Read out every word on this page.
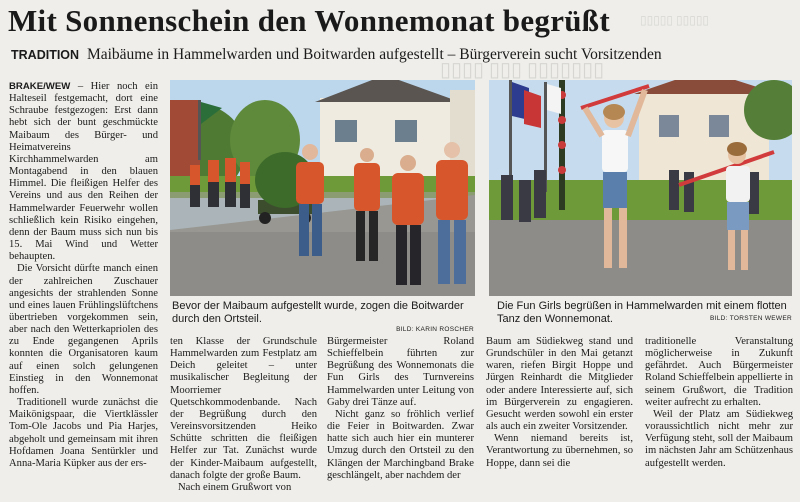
▯▯▯▯ ▯▯▯ ▯▯▯▯▯▯▯
▯▯▯▯▯ ▯▯▯▯▯
Mit Sonnenschein den Wonnemonat begrüßt
TRADITION Maibäume in Hammelwarden und Boitwarden aufgestellt – Bürgerverein sucht Vorsitzenden

BRAKE/WEW – Hier noch ein Halteseil festgemacht, dort eine Schraube festgezogen: Erst dann hebt sich der bunt geschmückte Maibaum des Bürger- und Heimatvereins Kirchhammelwarden am Montagabend in den blauen Himmel. Die fleißigen Helfer des Vereins und aus den Reihen der Hammelwarder Feuerwehr wollen schließlich kein Risiko eingehen, denn der Baum muss sich nun bis 15. Mai Wind und Wetter behaupten.

Die Vorsicht dürfte manch einen der zahlreichen Zuschauer angesichts der strahlenden Sonne und eines lauen Frühlingslüftchens übertrieben vorgekommen sein, aber nach den Wetterkapriolen des zu Ende gegangenen Aprils konnten die Organisatoren kaum auf einen solch gelungenen Einstieg in den Wonnemonat hoffen.

Traditionell wurde zunächst die Maikönigspaar, die Viertklässler Tom-Ole Jacobs und Pia Harjes, abgeholt und gemeinsam mit ihren Hofdamen Joana Sentürkler und Anna-Maria Küpker aus der ers-

Bevor der Maibaum aufgestellt wurde, zogen die Boitwarder durch den Ortsteil.
BILD: KARIN ROSCHER
Die Fun Girls begrüßen in Hammelwarden mit einem flotten Tanz den Wonnemonat.	BILD: TORSTEN WEWER

ten Klasse der Grundschule Hammelwarden zum Festplatz am Deich geleitet – unter musikalischer Begleitung der Moorriemer Quetschkommodenbande. Nach der Begrüßung durch den Vereinsvorsitzenden Heiko Schütte schritten die fleißigen Helfer zur Tat. Zunächst wurde der Kinder-Maibaum aufgestellt, danach folgte der große Baum.

Nach einem Grußwort von

Bürgermeister Roland Schieffelbein führten zur Begrüßung des Wonnemonats die Fun Girls des Turnvereins Hammelwarden unter Leitung von Gaby drei Tänze auf.

Nicht ganz so fröhlich verlief die Feier in Boitwarden. Zwar hatte sich auch hier ein munterer Umzug durch den Ortsteil zu den Klängen der Marchingband Brake geschlängelt, aber nachdem der

Baum am Südiekweg stand und Grundschüler in den Mai getanzt waren, riefen Birgit Hoppe und Jürgen Reinhardt die Mitglieder oder andere Interessierte auf, sich im Bürgerverein zu engagieren. Gesucht werden sowohl ein erster als auch ein zweiter Vorsitzender.

Wenn niemand bereits ist, Verantwortung zu übernehmen, so Hoppe, dann sei die

traditionelle Veranstaltung möglicherweise in Zukunft gefährdet. Auch Bürgermeister Roland Schieffelbein appellierte in seinem Grußwort, die Tradition weiter aufrecht zu erhalten.

Weil der Platz am Südiekweg voraussichtlich nicht mehr zur Verfügung steht, soll der Maibaum im nächsten Jahr am Schützenhaus aufgestellt werden.
